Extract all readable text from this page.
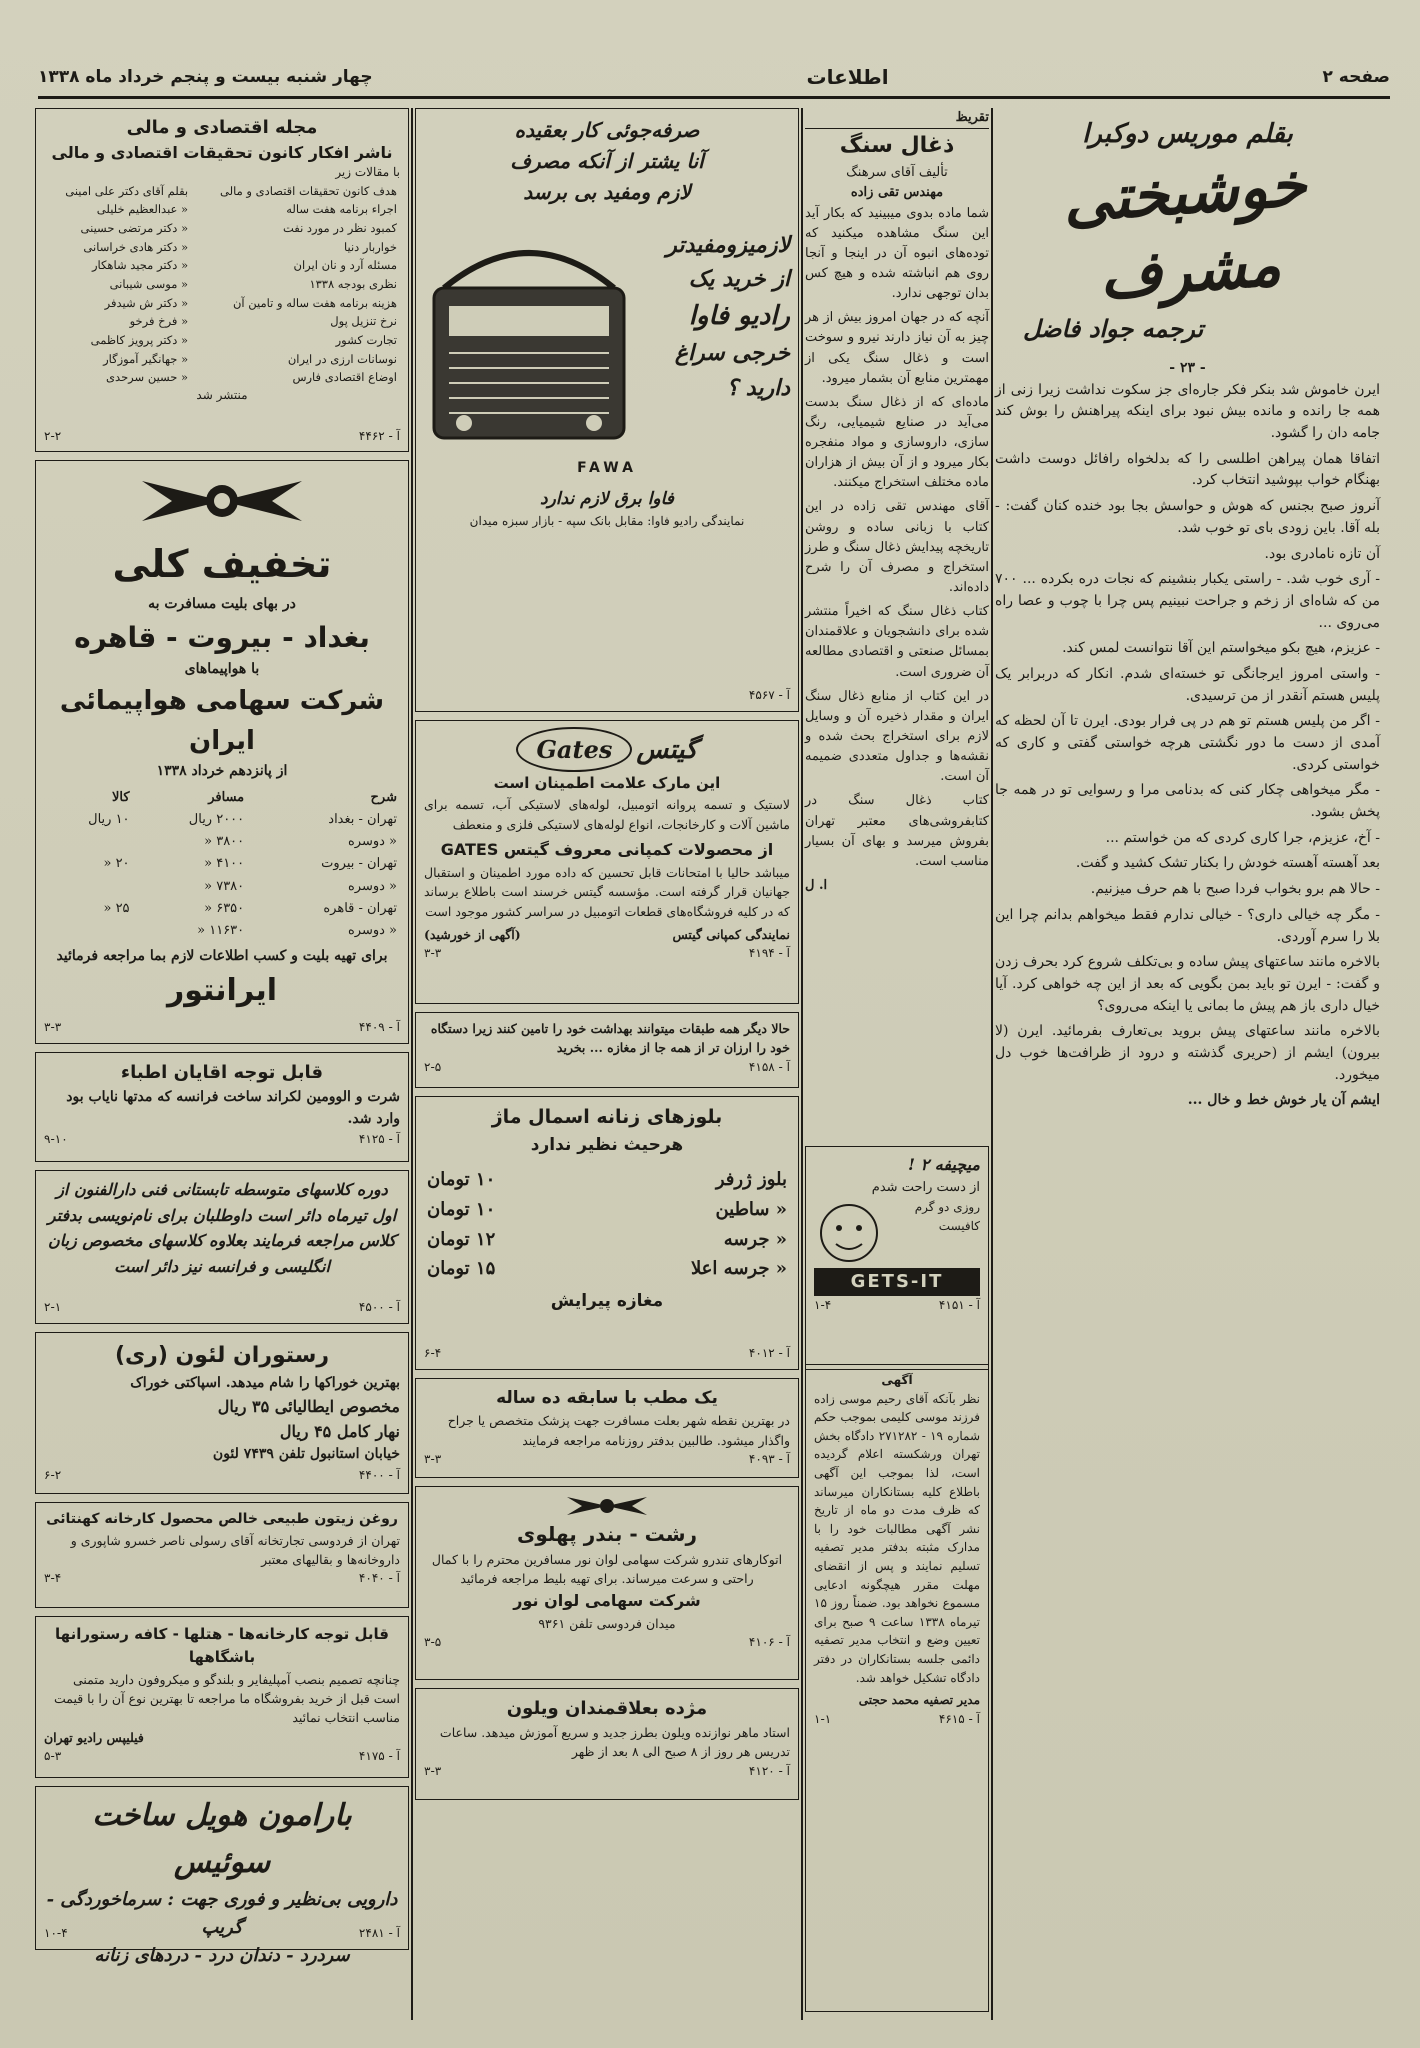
صفحه ۲
اطلاعات
چهار شنبه بیست و پنجم خرداد ماه ۱۳۳۸
بقلم موریس دوکبرا
خوشبختی مشرف
ترجمه جواد فاضل
- ۲۳ -

ایرن خاموش شد بنکر فکر جاره‌ای جز سکوت نداشت زیرا زنی از همه جا رانده و مانده بیش نبود برای اینکه پیراهنش را بوش کند جامه دان را گشود.

اتفاقا همان پیراهن اطلسی را که بدلخواه رافائل دوست داشت بهنگام خواب بپوشید انتخاب کرد.

آنروز صبح بجنس که هوش و حواسش بجا بود خنده کنان گفت: - بله آقا. باین زودی بای تو خوب شد.

آن تازه نامادری بود.

- آری خوب شد. - راستی یکبار بنشینم که نجات دره بکرده ... ۷۰۰ من که شاه‌ای از زخم و جراحت نبینیم پس چرا با چوب و عصا راه می‌روی ...

- عزیزم، هیچ بکو میخواستم این آقا نتوانست لمس کند.

- واستی امروز ایرجانگی تو خسته‌ای شدم. انکار که دربرابر یک پلیس هستم آنقدر از من ترسیدی.

- اگر من پلیس هستم تو هم در پی فرار بودی. ایرن تا آن لحظه که آمدی از دست ما دور نگشتی هرچه خواستی گفتی و کاری که خواستی کردی.

- مگر میخواهی چکار کنی که بدنامی مرا و رسوایی تو در همه جا پخش بشود.

- آخ، عزیزم، جرا کاری کردی که من خواستم ...

بعد آهسته آهسته خودش را بکنار تشک کشید و گفت.

- حالا هم برو بخواب فردا صبح با هم حرف میزنیم.

- مگر چه خیالی داری؟ - خیالی ندارم فقط میخواهم بدانم چرا این بلا را سرم آوردی.

بالاخره مانند ساعتهای پیش ساده و بی‌تکلف شروع کرد بحرف زدن و گفت: - ایرن تو باید بمن بگویی که بعد از این چه خواهی کرد. آیا خیال داری باز هم پیش ما بمانی یا اینکه می‌روی؟

بالاخره مانند ساعتهای پیش بروید بی‌تعارف بفرمائید. ایرن (لا بیرون) ایشم از (حریری گذشته و درود از ظرافت‌ها خوب دل میخورد.

ایشم آن یار خوش خط و خال ...

تقریظ
ذغال سنگ
تألیف آقای سرهنگ
مهندس تقی زاده

شما ماده بدوی میبینید که بکار آید این سنگ مشاهده میکنید که توده‌های انبوه آن در اینجا و آنجا روی هم انباشته شده و هیچ کس بدان توجهی ندارد.

آنچه که در جهان امروز بیش از هر چیز به آن نیاز دارند نیرو و سوخت است و ذغال سنگ یکی از مهمترین منابع آن بشمار میرود.

ماده‌ای که از ذغال سنگ بدست می‌آید در صنایع شیمیایی، رنگ سازی، داروسازی و مواد منفجره بکار میرود و از آن بیش از هزاران ماده مختلف استخراج میکنند.

آقای مهندس تقی زاده در این کتاب با زبانی ساده و روشن تاریخچه پیدایش ذغال سنگ و طرز استخراج و مصرف آن را شرح داده‌اند.

کتاب ذغال سنگ که اخیراً منتشر شده برای دانشجویان و علاقمندان بمسائل صنعتی و اقتصادی مطالعه آن ضروری است.

در این کتاب از منابع ذغال سنگ ایران و مقدار ذخیره آن و وسایل لازم برای استخراج بحث شده و نقشه‌ها و جداول متعددی ضمیمه آن است.

کتاب ذغال سنگ در کتابفروشی‌های معتبر تهران بفروش میرسد و بهای آن بسیار مناسب است.

ا. ل
میچیفه ۲ !
از دست راحت شدم
روزی دو گرم کافیست
GETS-IT
آ - ۴۱۵۱
۱-۴
آگهی

نظر بآنکه آقای رحیم موسی زاده فرزند موسی کلیمی بموجب حکم شماره ۱۹ - ۲۷۱۲۸۲ دادگاه بخش تهران ورشکسته اعلام گردیده است، لذا بموجب این آگهی باطلاع کلیه بستانکاران میرساند که ظرف مدت دو ماه از تاریخ نشر آگهی مطالبات خود را با مدارک مثبته بدفتر مدیر تصفیه تسلیم نمایند و پس از انقضای مهلت مقرر هیچگونه ادعایی مسموع نخواهد بود. ضمناً روز ۱۵ تیرماه ۱۳۳۸ ساعت ۹ صبح برای تعیین وضع و انتخاب مدیر تصفیه دائمی جلسه بستانکاران در دفتر دادگاه تشکیل خواهد شد.

مدیر تصفیه محمد حجتی
آ - ۴۶۱۵
۱-۱
صرفه‌جوئی کار بعقیده
آنا یشتر از آنکه مصرف
لازم ومفید بی برسد
لازمیزومفیدتر
از خرید یک
رادیو فاوا
خرجی سراغ
دارید ؟
FAWA
فاوا برق لازم ندارد
نمایندگی رادیو فاوا: مقابل بانک سپه - بازار سبزه میدان
آ - ۴۵۶۷
گیتس Gates
این مارک علامت اطمینان است

لاستیک و تسمه پروانه اتومبیل، لوله‌های لاستیکی آب، تسمه برای ماشین آلات و کارخانجات، انواع لوله‌های لاستیکی فلزی و منعطف

از محصولات کمپانی معروف گیتس GATES

میباشد حالیا با امتحانات قابل تحسین که داده مورد اطمینان و استقبال جهانیان قرار گرفته است. مؤسسه گیتس خرسند است باطلاع برساند که در کلیه فروشگاه‌های قطعات اتومبیل در سراسر کشور موجود است

نمایندگی کمپانی گیتس
(آگهی از خورشید)
آ - ۴۱۹۴
۳-۳
حالا دیگر همه طبقات میتوانند بهداشت خود را تامین کنند زیرا دستگاه خود را ارزان تر از همه جا از مغازه ... بخرید
آ - ۴۱۵۸
۲-۵
بلوزهای زنانه اسمال ماژ
هرحیث نظیر ندارد
بلوز ژرفر	۱۰ تومان
« ساطین	۱۰ تومان
« جرسه	۱۲ تومان
« جرسه اعلا	۱۵ تومان
مغازه پیرایش
آ - ۴۰۱۲
۶-۴
یک مطب با سابقه ده ساله
در بهترین نقطه شهر بعلت مسافرت جهت پزشک متخصص یا جراح واگذار میشود. طالبین بدفتر روزنامه مراجعه فرمایند
آ - ۴۰۹۳
۳-۳
رشت - بندر پهلوی
اتوکارهای تندرو شرکت سهامی لوان نور مسافرین محترم را با کمال راحتی و سرعت میرساند. برای تهیه بلیط مراجعه فرمائید
شرکت سهامی لوان نور
میدان فردوسی تلفن ۹۳۶۱
آ - ۴۱۰۶
۳-۵
مژده بعلاقمندان ویلون
استاد ماهر نوازنده ویلون بطرز جدید و سریع آموزش میدهد. ساعات تدریس هر روز از ۸ صبح الی ۸ بعد از ظهر
آ - ۴۱۲۰
۳-۳
مجله اقتصادی و مالی
ناشر افکار کانون تحقیقات اقتصادی و مالی
با مقالات زیر
هدف کانون تحقیقات اقتصادی و مالی	بقلم آقای دکتر علی امینی
اجراء برنامه هفت ساله	« عبدالعظیم خلیلی
کمبود نظر در مورد نفت	« دکتر مرتضی حسینی
خواربار دنیا	« دکتر هادی خراسانی
مسئله آرد و نان ایران	« دکتر مجید شاهکار
نظری بودجه ۱۳۳۸	« موسی شیبانی
هزینه برنامه هفت ساله و تامین آن	« دکتر ش شیدفر
نرخ تنزیل پول	« فرخ فرخو
تجارت کشور	« دکتر پرویز کاظمی
نوسانات ارزی در ایران	« جهانگیر آموزگار
اوضاع اقتصادی فارس	« حسین سرحدی
منتشر شد
آ - ۴۴۶۲
۲-۲
تخفیف کلی
در بهای بلیت مسافرت به
بغداد - بیروت - قاهره
با هواپیماهای
شرکت سهامی هواپیمائی ایران
از پانزدهم خرداد ۱۳۳۸
شرح	مسافر	کالا
تهران - بغداد	۲۰۰۰ ریال	۱۰ ریال
« دوسره	۳۸۰۰ «	
تهران - بیروت	۴۱۰۰ «	۲۰ «
« دوسره	۷۳۸۰ «	
تهران - قاهره	۶۳۵۰ «	۲۵ «
« دوسره	۱۱۶۳۰ «	
برای تهیه بلیت و کسب اطلاعات لازم بما مراجعه فرمائید
ایرانتور
آ - ۴۴۰۹
۳-۳
قابل توجه اقایان اطباء
شرت و الوومین لکراند ساخت فرانسه که مدتها نایاب بود وارد شد.
آ - ۴۱۲۵
۹-۱۰
دوره کلاسهای متوسطه تابستانی فنی دارالفنون از اول تیرماه دائر است داوطلبان برای نام‌نویسی بدفتر کلاس مراجعه فرمایند بعلاوه کلاسهای مخصوص زبان انگلیسی و فرانسه نیز دائر است
آ - ۴۵۰۰
۲-۱
رستوران لئون (ری)
بهترین خوراکها را شام میدهد. اسپاکتی خوراک
مخصوص ایطالیائی ۳۵ ریال
نهار کامل ۴۵ ریال
خیابان استانبول تلفن ۷۴۳۹ لئون
آ - ۴۴۰۰
۶-۲
روغن زیتون طبیعی خالص محصول کارخانه کهنتائی
تهران از فردوسی تجارتخانه آقای رسولی ناصر خسرو شاپوری و داروخانه‌ها و بقالیهای معتبر
آ - ۴۰۴۰
۳-۴
قابل توجه کارخانه‌ها - هتلها - کافه رستورانها
باشگاهها
چنانچه تصمیم بنصب آمپلیفایر و بلندگو و میکروفون دارید متمنی است قبل از خرید بفروشگاه ما مراجعه تا بهترین نوع آن را با قیمت مناسب انتخاب نمائید
فیلیپس رادیو تهران
آ - ۴۱۷۵
۵-۳
بارامون هویل ساخت سوئیس
دارویی بی‌نظیر و فوری جهت : سرماخوردگی - گریپ
سردرد - دندان درد - دردهای زنانه
آ - ۲۴۸۱
۱۰-۴
